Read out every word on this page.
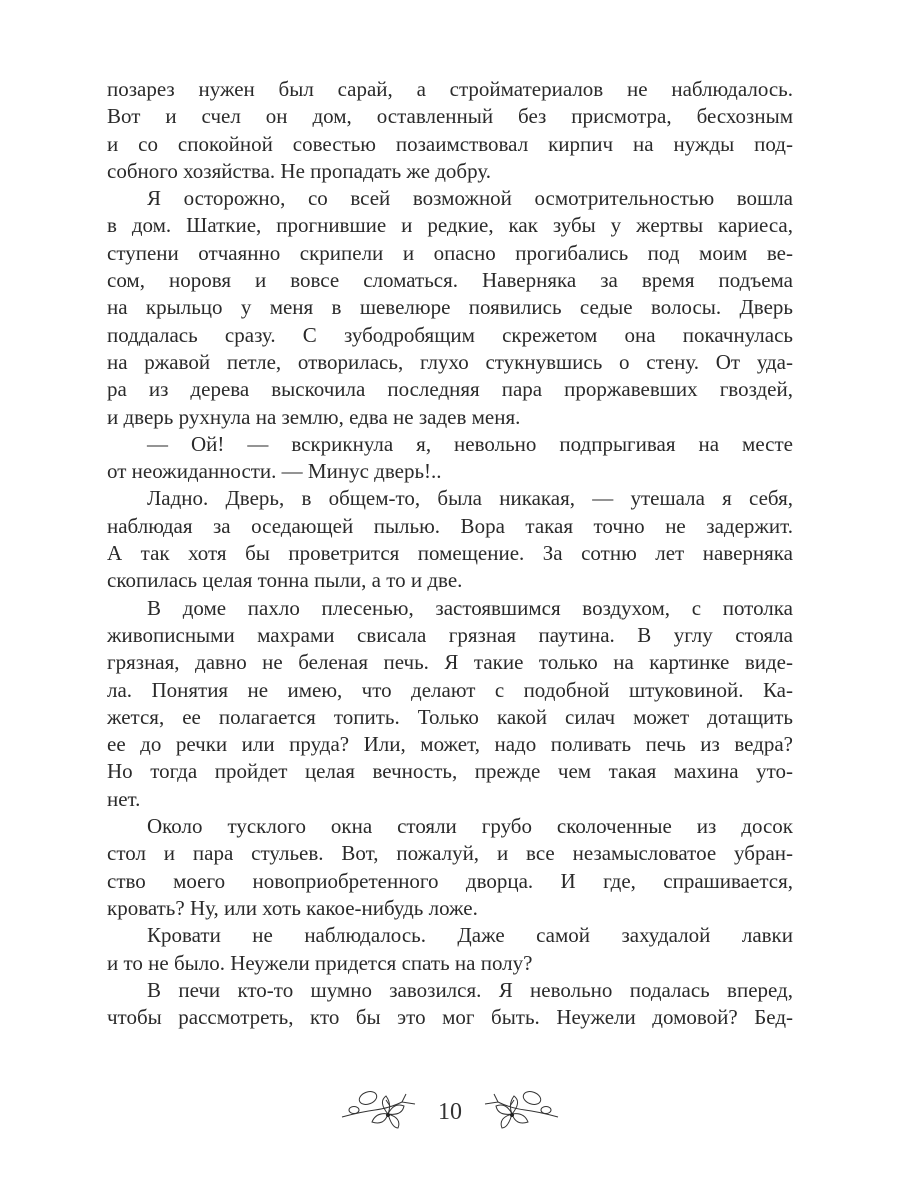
позарез нужен был сарай, а стройматериалов не наблюдалось.
Вот и счел он дом, оставленный без присмотра, бесхозным
и со спокойной совестью позаимствовал кирпич на нужды под-
собного хозяйства. Не пропадать же добру.
Я осторожно, со всей возможной осмотрительностью вошла
в дом. Шаткие, прогнившие и редкие, как зубы у жертвы кариеса,
ступени отчаянно скрипели и опасно прогибались под моим ве-
сом, норовя и вовсе сломаться. Наверняка за время подъема
на крыльцо у меня в шевелюре появились седые волосы. Дверь
поддалась сразу. С зубодробящим скрежетом она покачнулась
на ржавой петле, отворилась, глухо стукнувшись о стену. От уда-
ра из дерева выскочила последняя пара проржавевших гвоздей,
и дверь рухнула на землю, едва не задев меня.
— Ой! — вскрикнула я, невольно подпрыгивая на месте
от неожиданности. — Минус дверь!..
Ладно. Дверь, в общем-то, была никакая, — утешала я себя,
наблюдая за оседающей пылью. Вора такая точно не задержит.
А так хотя бы проветрится помещение. За сотню лет наверняка
скопилась целая тонна пыли, а то и две.
В доме пахло плесенью, застоявшимся воздухом, с потолка
живописными махрами свисала грязная паутина. В углу стояла
грязная, давно не беленая печь. Я такие только на картинке виде-
ла. Понятия не имею, что делают с подобной штуковиной. Ка-
жется, ее полагается топить. Только какой силач может дотащить
ее до речки или пруда? Или, может, надо поливать печь из ведра?
Но тогда пройдет целая вечность, прежде чем такая махина уто-
нет.
Около тусклого окна стояли грубо сколоченные из досок
стол и пара стульев. Вот, пожалуй, и все незамысловатое убран-
ство моего новоприобретенного дворца. И где, спрашивается,
кровать? Ну, или хоть какое-нибудь ложе.
Кровати не наблюдалось. Даже самой захудалой лавки
и то не было. Неужели придется спать на полу?
В печи кто-то шумно завозился. Я невольно подалась вперед,
чтобы рассмотреть, кто бы это мог быть. Неужели домовой? Бед-
10
